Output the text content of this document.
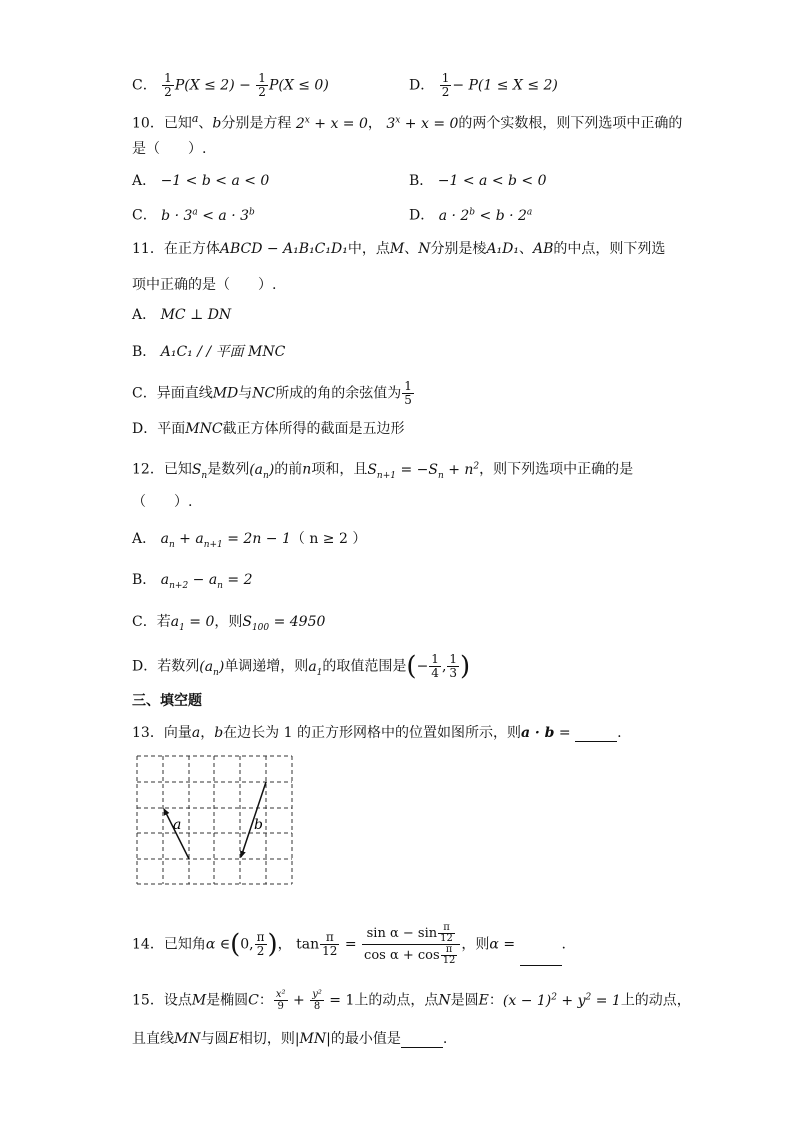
C． $\frac{1}{2} P(X \le 2) - \frac{1}{2} P(X \le 0)$	D． $\frac{1}{2} - P(1 \le X \le 2)$
10．已知$^a$、b分别是方程 $2^x + x = 0$， $3^x + x = 0$的两个实数根，则下列选项中正确的
是（　　）.
A． −1 < b < a < 0	B． −1 < a < b < 0
C． $b \cdot 3^a < a \cdot 3^b$	D． $a \cdot 2^b < b \cdot 2^a$
11．在正方体ABCD − A₁B₁C₁D₁中，点M、N分别是棱A₁D₁、AB的中点，则下列选
项中正确的是（　　）.
A． MC ⊥ DN
B． A₁C₁ / / 平面 MNC
C．异面直线MD与NC所成的角的余弦值为 $\frac{1}{5}$
D．平面MNC截正方体所得的截面是五边形
12．已知$S_n$是数列$(a_n)$的前n项和，且$S_{n+1} = -S_n + n^2$，则下列选项中正确的是
（　　）.
A． $a_n + a_{n+1} = 2n - 1$（ n ≥ 2 ）
B． $a_{n+2} - a_n = 2$
C．若$a_1 = 0$，则$S_{100} = 4950$
D．若数列$(a_n)$单调递增，则$a_1$的取值范围是(− $\frac{1}{4}$ , $\frac{1}{3}$ )
三、填空题
13．向量a，b在边长为 1 的正方形网格中的位置如图所示，则a · b =	.
a	b
14．已知角α ∈(0, $\frac{\pi}{2}$ )， $\tan \frac{\pi}{12} = \frac{\sin \alpha - \sin \frac{\pi}{12}}{\cos \alpha + \cos \frac{\pi}{12}}$ ，则α =	.
15．设点M是椭圆C： $\frac{\text{x²}}{9} + \frac{\text{y²}}{8} = 1$上的动点，点N是圆E：$(x - 1)^2 + y^2 = 1$上的动点，
且直线MN与圆E相切，则|MN|的最小值是	.
